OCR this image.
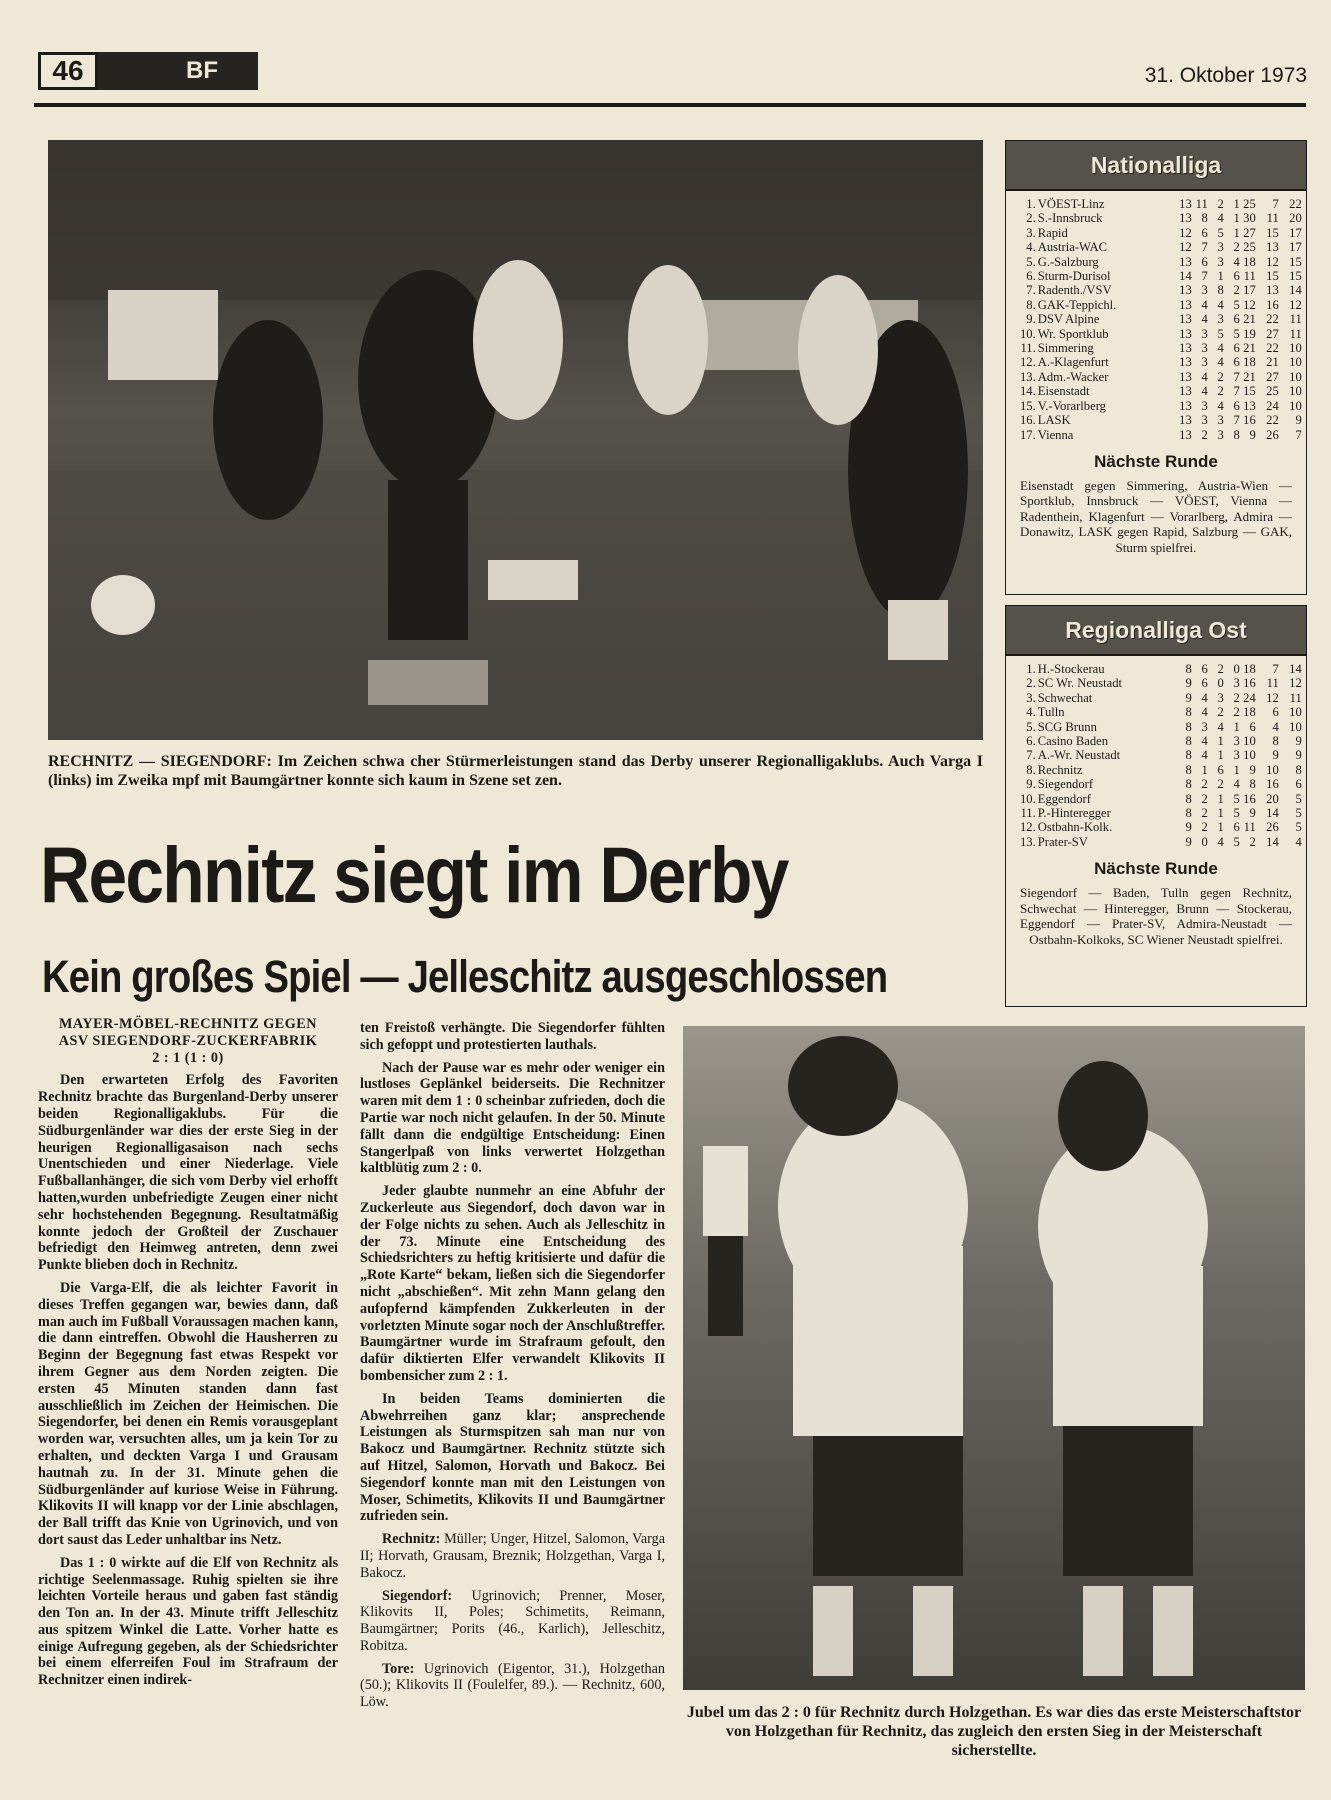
46	BF	31. Oktober 1973
RECHNITZ — SIEGENDORF: Im Zeichen schwa cher Stürmerleistungen stand das Derby unserer Regionalligaklubs. Auch Varga I (links) im Zweika mpf mit Baumgärtner konnte sich kaum in Szene set zen.
Rechnitz siegt im Derby
Kein großes Spiel — Jelleschitz ausgeschlossen

MAYER-MÖBEL-RECHNITZ GEGEN

ASV SIEGENDORF-ZUCKERFABRIK

2 : 1 (1 : 0)

Den erwarteten Erfolg des Favoriten Rechnitz brachte das Burgenland-Derby unserer beiden Regionalligaklubs. Für die Südburgenländer war dies der erste Sieg in der heurigen Regionalligasaison nach sechs Unentschieden und einer Niederlage. Viele Fußballanhänger, die sich vom Derby viel erhofft hatten,wurden unbefriedigte Zeugen einer nicht sehr hochstehenden Begegnung. Resultatmäßig konnte jedoch der Großteil der Zuschauer befriedigt den Heimweg antreten, denn zwei Punkte blieben doch in Rechnitz.

Die Varga-Elf, die als leichter Favorit in dieses Treffen gegangen war, bewies dann, daß man auch im Fußball Voraussagen machen kann, die dann eintreffen. Obwohl die Hausherren zu Beginn der Begegnung fast etwas Respekt vor ihrem Gegner aus dem Norden zeigten. Die ersten 45 Minuten standen dann fast ausschließlich im Zeichen der Heimischen. Die Siegendorfer, bei denen ein Remis vorausgeplant worden war, versuchten alles, um ja kein Tor zu erhalten, und deckten Varga I und Grausam hautnah zu. In der 31. Minute gehen die Südburgenländer auf kuriose Weise in Führung. Klikovits II will knapp vor der Linie abschlagen, der Ball trifft das Knie von Ugrinovich, und von dort saust das Leder unhaltbar ins Netz.

Das 1 : 0 wirkte auf die Elf von Rechnitz als richtige Seelenmassage. Ruhig spielten sie ihre leichten Vorteile heraus und gaben fast ständig den Ton an. In der 43. Minute trifft Jelleschitz aus spitzem Winkel die Latte. Vorher hatte es einige Aufregung gegeben, als der Schiedsrichter bei einem elferreifen Foul im Strafraum der Rechnitzer einen indirek-

ten Freistoß verhängte. Die Siegendorfer fühlten sich gefoppt und protestierten lauthals.

Nach der Pause war es mehr oder weniger ein lustloses Geplänkel beiderseits. Die Rechnitzer waren mit dem 1 : 0 scheinbar zufrieden, doch die Partie war noch nicht gelaufen. In der 50. Minute fällt dann die endgültige Entscheidung: Einen Stangerlpaß von links verwertet Holzgethan kaltblütig zum 2 : 0.

Jeder glaubte nunmehr an eine Abfuhr der Zuckerleute aus Siegendorf, doch davon war in der Folge nichts zu sehen. Auch als Jelleschitz in der 73. Minute eine Entscheidung des Schiedsrichters zu heftig kritisierte und dafür die „Rote Karte“ bekam, ließen sich die Siegendorfer nicht „abschießen“. Mit zehn Mann gelang den aufopfernd kämpfenden Zukkerleuten in der vorletzten Minute sogar noch der Anschlußtreffer. Baumgärtner wurde im Strafraum gefoult, den dafür diktierten Elfer verwandelt Klikovits II bombensicher zum 2 : 1.

In beiden Teams dominierten die Abwehrreihen ganz klar; ansprechende Leistungen als Sturmspitzen sah man nur von Bakocz und Baumgärtner. Rechnitz stützte sich auf Hitzel, Salomon, Horvath und Bakocz. Bei Siegendorf konnte man mit den Leistungen von Moser, Schimetits, Klikovits II und Baumgärtner zufrieden sein.

Rechnitz: Müller; Unger, Hitzel, Salomon, Varga II; Horvath, Grausam, Breznik; Holzgethan, Varga I, Bakocz.

Siegendorf: Ugrinovich; Prenner, Moser, Klikovits II, Poles; Schimetits, Reimann, Baumgärtner; Porits (46., Karlich), Jelleschitz, Robitza.

Tore: Ugrinovich (Eigentor, 31.), Holzgethan (50.); Klikovits II (Foulelfer, 89.). — Rechnitz, 600, Löw.

Jubel um das 2 : 0 für Rechnitz durch Holzgethan. Es war dies das erste Meisterschaftstor von Holzgethan für Rechnitz, das zugleich den ersten Sieg in der Meisterschaft sicherstellte.
Nationalliga
1.	VÖEST-Linz	13	11	2	1	25	7	22
2.	S.-Innsbruck	13	8	4	1	30	11	20
3.	Rapid	12	6	5	1	27	15	17
4.	Austria-WAC	12	7	3	2	25	13	17
5.	G.-Salzburg	13	6	3	4	18	12	15
6.	Sturm-Durisol	14	7	1	6	11	15	15
7.	Radenth./VSV	13	3	8	2	17	13	14
8.	GAK-Teppichl.	13	4	4	5	12	16	12
9.	DSV Alpine	13	4	3	6	21	22	11
10.	Wr. Sportklub	13	3	5	5	19	27	11
11.	Simmering	13	3	4	6	21	22	10
12.	A.-Klagenfurt	13	3	4	6	18	21	10
13.	Adm.-Wacker	13	4	2	7	21	27	10
14.	Eisenstadt	13	4	2	7	15	25	10
15.	V.-Vorarlberg	13	3	4	6	13	24	10
16.	LASK	13	3	3	7	16	22	9
17.	Vienna	13	2	3	8	9	26	7
Nächste Runde

Eisenstadt gegen Simmering, Austria-Wien — Sportklub, Innsbruck — VÖEST, Vienna — Radenthein, Klagenfurt — Vorarlberg, Admira — Donawitz, LASK gegen Rapid, Salzburg — GAK, Sturm spielfrei.

Regionalliga Ost
1.	H.-Stockerau	8	6	2	0	18	7	14
2.	SC Wr. Neustadt	9	6	0	3	16	11	12
3.	Schwechat	9	4	3	2	24	12	11
4.	Tulln	8	4	2	2	18	6	10
5.	SCG Brunn	8	3	4	1	6	4	10
6.	Casino Baden	8	4	1	3	10	8	9
7.	A.-Wr. Neustadt	8	4	1	3	10	9	9
8.	Rechnitz	8	1	6	1	9	10	8
9.	Siegendorf	8	2	2	4	8	16	6
10.	Eggendorf	8	2	1	5	16	20	5
11.	P.-Hinteregger	8	2	1	5	9	14	5
12.	Ostbahn-Kolk.	9	2	1	6	11	26	5
13.	Prater-SV	9	0	4	5	2	14	4
Nächste Runde

Siegendorf — Baden, Tulln gegen Rechnitz, Schwechat — Hinteregger, Brunn — Stockerau, Eggendorf — Prater-SV, Admira-Neustadt — Ostbahn-Kolkoks, SC Wiener Neustadt spielfrei.
